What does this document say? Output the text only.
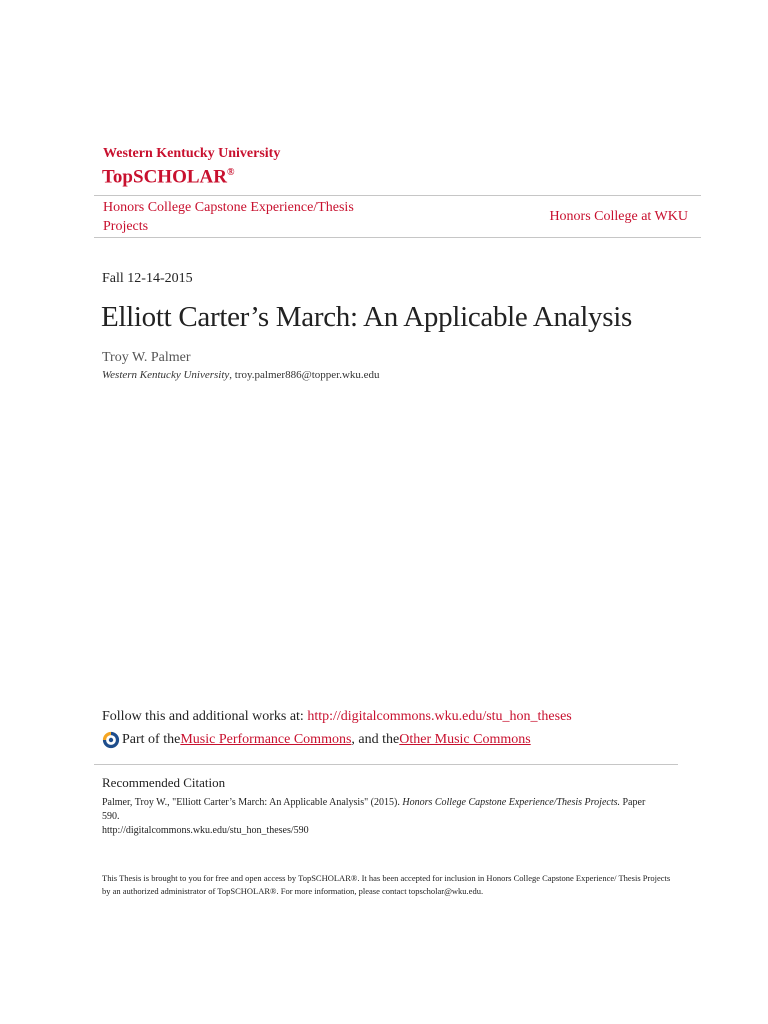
Western Kentucky University
TopSCHOLAR®
Honors College Capstone Experience/Thesis Projects
Honors College at WKU
Fall 12-14-2015
Elliott Carter’s March: An Applicable Analysis
Troy W. Palmer
Western Kentucky University, troy.palmer886@topper.wku.edu
Follow this and additional works at: http://digitalcommons.wku.edu/stu_hon_theses
Part of the Music Performance Commons , and the Other Music Commons
Recommended Citation
Palmer, Troy W., "Elliott Carter’s March: An Applicable Analysis" (2015). Honors College Capstone Experience/Thesis Projects. Paper 590.
http://digitalcommons.wku.edu/stu_hon_theses/590
This Thesis is brought to you for free and open access by TopSCHOLAR®. It has been accepted for inclusion in Honors College Capstone Experience/ Thesis Projects by an authorized administrator of TopSCHOLAR®. For more information, please contact topscholar@wku.edu.
